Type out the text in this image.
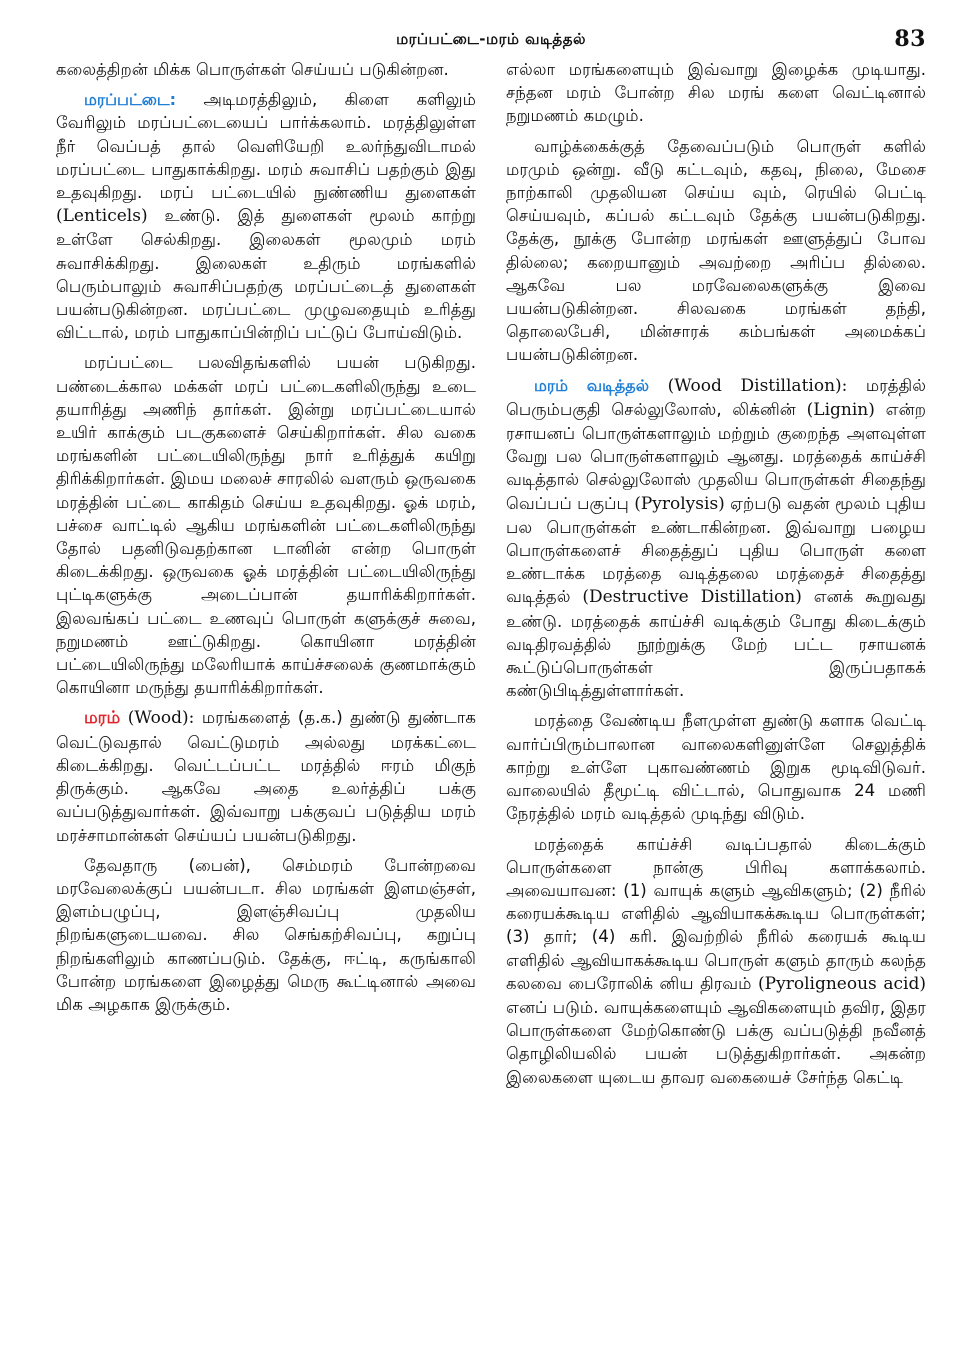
மரப்பட்டை-மரம் வடித்தல்	83

கலைத்திறன் மிக்க பொருள்கள் செய்யப் படுகின்றன.

மரப்பட்டை: அடிமரத்திலும், கிளை களிலும் வேரிலும் மரப்பட்டையைப் பார்க்கலாம். மரத்திலுள்ள நீர் வெப்பத் தால் வெளியேறி உலர்ந்துவிடாமல் மரப்பட்டை பாதுகாக்கிறது. மரம் சுவாசிப் பதற்கும் இது உதவுகிறது. மரப் பட்டையில் நுண்ணிய துளைகள் (Lenticels) உண்டு. இத் துளைகள் மூலம் காற்று உள்ளே செல்கிறது. இலைகள் மூலமும் மரம் சுவாசிக்கிறது. இலைகள் உதிரும் மரங்களில் பெரும்பாலும் சுவாசிப்பதற்கு மரப்பட்டைத் துளைகள் பயன்படுகின்றன. மரப்பட்டை முழுவதையும் உரித்து விட்டால், மரம் பாதுகாப்பின்றிப் பட்டுப் போய்விடும்.

மரப்பட்டை பலவிதங்களில் பயன் படுகிறது. பண்டைக்கால மக்கள் மரப் பட்டைகளிலிருந்து உடை தயாரித்து அணிந் தார்கள். இன்று மரப்பட்டையால் உயிர் காக்கும் படகுகளைச் செய்கிறார்கள். சில வகை மரங்களின் பட்டையிலிருந்து நார் உரித்துக் கயிறு திரிக்கிறார்கள். இமய மலைச் சாரலில் வளரும் ஒருவகை மரத்தின் பட்டை காகிதம் செய்ய உதவுகிறது. ஓக் மரம், பச்சை வாட்டில் ஆகிய மரங்களின் பட்டைகளிலிருந்து தோல் பதனிடுவதற்கான டானின் என்ற பொருள் கிடைக்கிறது. ஒருவகை ஓக் மரத்தின் பட்டையிலிருந்து புட்டிகளுக்கு அடைப்பான் தயாரிக்கிறார்கள். இலவங்கப் பட்டை உணவுப் பொருள் களுக்குச் சுவை, நறுமணம் ஊட்டுகிறது. கொயினா மரத்தின் பட்டையிலிருந்து மலேரியாக் காய்ச்சலைக் குணமாக்கும் கொயினா மருந்து தயாரிக்கிறார்கள்.

மரம் (Wood): மரங்களைத் (த.க.) துண்டு துண்டாக வெட்டுவதால் வெட்டுமரம் அல்லது மரக்கட்டை கிடைக்கிறது. வெட்டப்பட்ட மரத்தில் ஈரம் மிகுந் திருக்கும். ஆகவே அதை உலர்த்திப் பக்கு வப்படுத்துவார்கள். இவ்வாறு பக்குவப் படுத்திய மரம் மரச்சாமான்கள் செய்யப் பயன்படுகிறது.

தேவதாரு (பைன்), செம்மரம் போன்றவை மரவேலைக்குப் பயன்படா. சில மரங்கள் இளமஞ்சள், இளம்பழுப்பு, இளஞ்சிவப்பு முதலிய நிறங்களுடையவை. சில செங்கற்சிவப்பு, கறுப்பு நிறங்களிலும் காணப்படும். தேக்கு, ஈட்டி, கருங்காலி போன்ற மரங்களை இழைத்து மெரு கூட்டினால் அவை மிக அழகாக இருக்கும்.

எல்லா மரங்களையும் இவ்வாறு இழைக்க முடியாது. சந்தன மரம் போன்ற சில மரங் களை வெட்டினால் நறுமணம் கமழும்.

வாழ்க்கைக்குத் தேவைப்படும் பொருள் களில் மரமும் ஒன்று. வீடு கட்டவும், கதவு, நிலை, மேசை நாற்காலி முதலியன செய்ய வும், ரெயில் பெட்டி செய்யவும், கப்பல் கட்டவும் தேக்கு பயன்படுகிறது. தேக்கு, நூக்கு போன்ற மரங்கள் ஊளுத்துப் போவ தில்லை; கறையானும் அவற்றை அரிப்ப தில்லை. ஆகவே பல மரவேலைகளுக்கு இவை பயன்படுகின்றன. சிலவகை மரங்கள் தந்தி, தொலைபேசி, மின்சாரக் கம்பங்கள் அமைக்கப் பயன்படுகின்றன.

மரம் வடித்தல் (Wood Distillation): மரத்தில் பெரும்பகுதி செல்லுலோஸ், லிக்னின் (Lignin) என்ற ரசாயனப் பொருள்களாலும் மற்றும் குறைந்த அளவுள்ள வேறு பல பொருள்களாலும் ஆனது. மரத்தைக் காய்ச்சி வடித்தால் செல்லுலோஸ் முதலிய பொருள்கள் சிதைந்து வெப்பப் பகுப்பு (Pyrolysis) ஏற்படு வதன் மூலம் புதிய பல பொருள்கள் உண்டாகின்றன. இவ்வாறு பழைய பொருள்களைச் சிதைத்துப் புதிய பொருள் களை உண்டாக்க மரத்தை வடித்தலை மரத்தைச் சிதைத்து வடித்தல் (Destructive Distillation) எனக் கூறுவது உண்டு. மரத்தைக் காய்ச்சி வடிக்கும் போது கிடைக்கும் வடிதிரவத்தில் நூற்றுக்கு மேற் பட்ட ரசாயனக் கூட்டுப்பொருள்கள் இருப்பதாகக் கண்டுபிடித்துள்ளார்கள்.

மரத்தை வேண்டிய நீளமுள்ள துண்டு களாக வெட்டி வார்ப்பிரும்பாலான வாலைகளினுள்ளே செலுத்திக் காற்று உள்ளே புகாவண்ணம் இறுக மூடிவிடுவர். வாலையில் தீமூட்டி விட்டால், பொதுவாக 24 மணி நேரத்தில் மரம் வடித்தல் முடிந்து விடும்.

மரத்தைக் காய்ச்சி வடிப்பதால் கிடைக்கும் பொருள்களை நான்கு பிரிவு களாக்கலாம். அவையாவன: (1) வாயுக் களும் ஆவிகளும்; (2) நீரில் கரையக்கூடிய எளிதில் ஆவியாகக்கூடிய பொருள்கள்; (3) தார்; (4) கரி. இவற்றில் நீரில் கரையக் கூடிய எளிதில் ஆவியாகக்கூடிய பொருள் களும் தாரும் கலந்த கலவை பைரோலிக் னிய திரவம் (Pyroligneous acid) எனப் படும். வாயுக்களையும் ஆவிகளையும் தவிர, இதர பொருள்களை மேற்கொண்டு பக்கு வப்படுத்தி நவீனத் தொழிலியலில் பயன் படுத்துகிறார்கள். அகன்ற இலைகளை யுடைய தாவர வகையைச் சேர்ந்த கெட்டி
